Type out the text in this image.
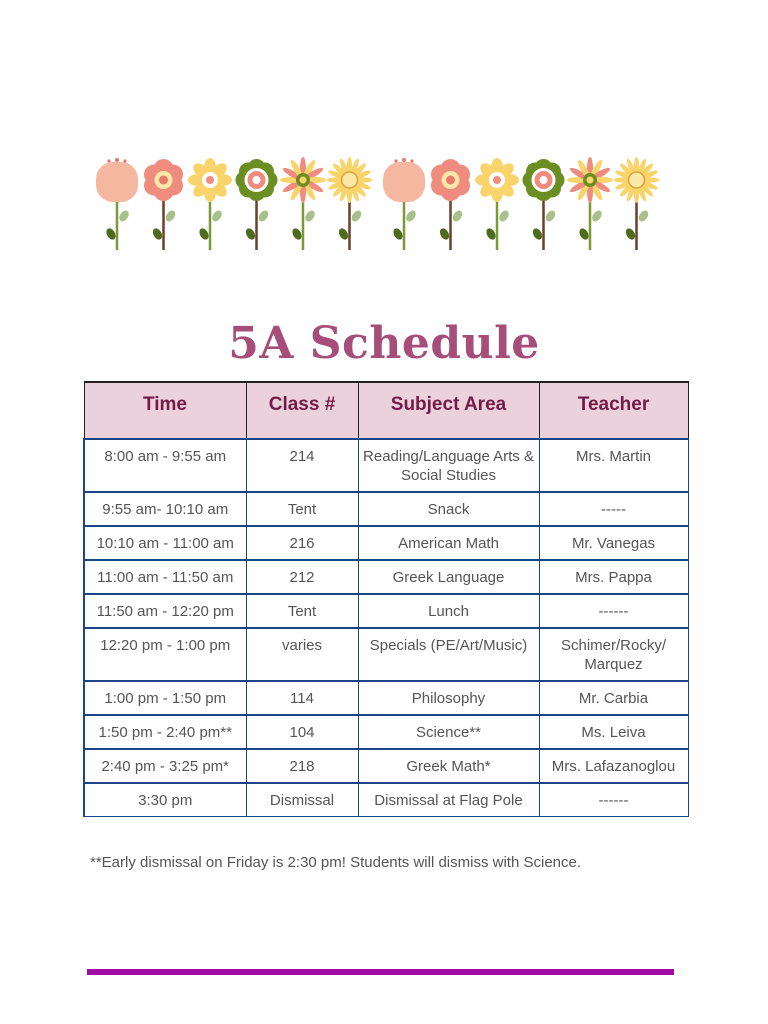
5A Schedule
Time	Class #	Subject Area	Teacher
8:00 am - 9:55 am	214	Reading/Language Arts & Social Studies	Mrs. Martin
9:55 am- 10:10 am	Tent	Snack	-----
10:10 am - 11:00 am	216	American Math	Mr. Vanegas
11:00 am - 11:50 am	212	Greek Language	Mrs. Pappa
11:50 am - 12:20 pm	Tent	Lunch	------
12:20 pm - 1:00 pm	varies	Specials (PE/Art/Music)	Schimer/Rocky/ Marquez
1:00 pm - 1:50 pm	114	Philosophy	Mr. Carbia
1:50 pm - 2:40 pm**	104	Science**	Ms. Leiva
2:40 pm - 3:25 pm*	218	Greek Math*	Mrs. Lafazanoglou
3:30 pm	Dismissal	Dismissal at Flag Pole	------

**Early dismissal on Friday is 2:30 pm! Students will dismiss with Science.
